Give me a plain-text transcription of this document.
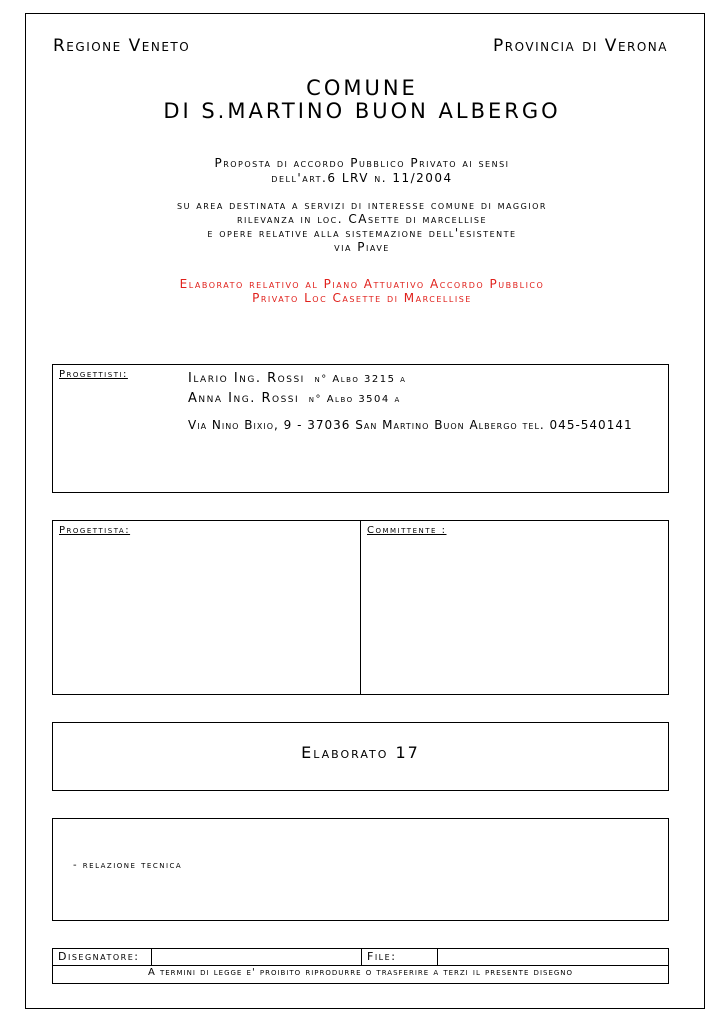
Regione Veneto	Provincia di Verona
COMUNE
DI S.MARTINO BUON ALBERGO
Proposta di accordo Pubblico Privato ai sensi
dell'art.6 LRV n. 11/2004
su area destinata a servizi di interesse comune di maggior
rilevanza in loc. CAsette di marcellise
e opere relative alla sistemazione dell'esistente
via Piave
Elaborato relativo al Piano Attuativo Accordo Pubblico
Privato Loc Casette di Marcellise
Progettisti:	Ilario Ing. Rossi n° Albo 3215 a
Anna Ing. Rossi n° Albo 3504 a
Via Nino Bixio, 9 - 37036 San Martino Buon Albergo tel. 045-540141
Progettista:	Committente :
Elaborato 17
- relazione tecnica
Disegnatore:	File:
A termini di legge e' proibito riprodurre o trasferire a terzi il presente disegno
